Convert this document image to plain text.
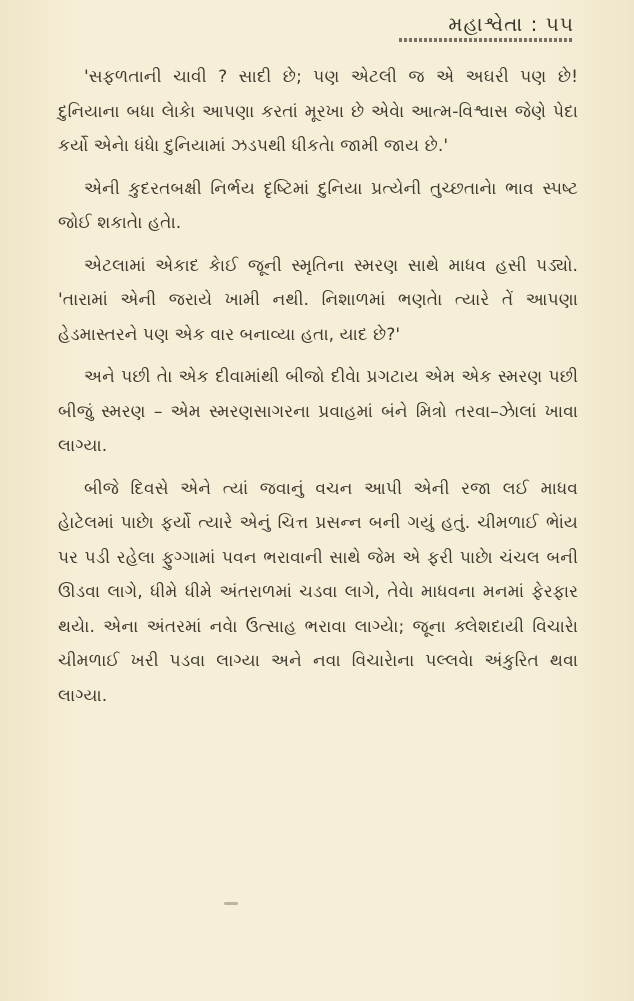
મહાશ્વેતા : ૫૫

'સફળતાની ચાવી ? સાદી છે; પણ એટલી જ એ અઘરી પણ છે! દુનિયાના બધા લેાકેા આપણા કરતાં મૂરખા છે એવેા આત્મ-વિશ્વાસ જેણે પેદા કર્યો એનેા ધંધેા દુનિયામાં ઝડપથી ધીકતેા જામી જાય છે.'

એની કુદરતબક્ષી નિર્ભય દૃષ્ટિમાં દુનિયા પ્રત્યેની તુચ્છતાનેા ભાવ સ્પષ્ટ જોઈ શકાતેા હતેા.

એટલામાં એકાદ કેાઈ જૂની સ્મૃતિના સ્મરણ સાથે માધવ હસી પડ્યો. 'તારામાં એની જરાયે ખામી નથી. નિશાળમાં ભણતેા ત્યારે તેં આપણા હેડમાસ્તરને પણ એક વાર બનાવ્યા હતા, યાદ છે?'

અને પછી તેા એક દીવામાંથી બીજો દીવેા પ્રગટાય એમ એક સ્મરણ પછી બીજું સ્મરણ – એમ સ્મરણસાગરના પ્રવાહમાં બંને મિત્રો તરવા–ઝેાલાં ખાવા લાગ્યા.

બીજે દિવસે એને ત્યાં જવાનું વચન આપી એની રજા લઈ માધવ હેાટેલમાં પાછેા ફર્યો ત્યારે એનું ચિત્ત પ્રસન્ન બની ગયું હતું. ચીમળાઈ ભેાંય પર પડી રહેલા ફુગ્ગામાં પવન ભરાવાની સાથે જેમ એ ફરી પાછેા ચંચલ બની ઊડવા લાગે, ધીમે ધીમે અંતરાળમાં ચડવા લાગે, તેવેા માધવના મનમાં ફેરફાર થયેા. એના અંતરમાં નવેા ઉત્સાહ ભરાવા લાગ્યેા; જૂના ક્લેશદાયી વિચારેા ચીમળાઈ ખરી પડવા લાગ્યા અને નવા વિચારેાના પલ્લવેા અંકુરિત થવા લાગ્યા.
